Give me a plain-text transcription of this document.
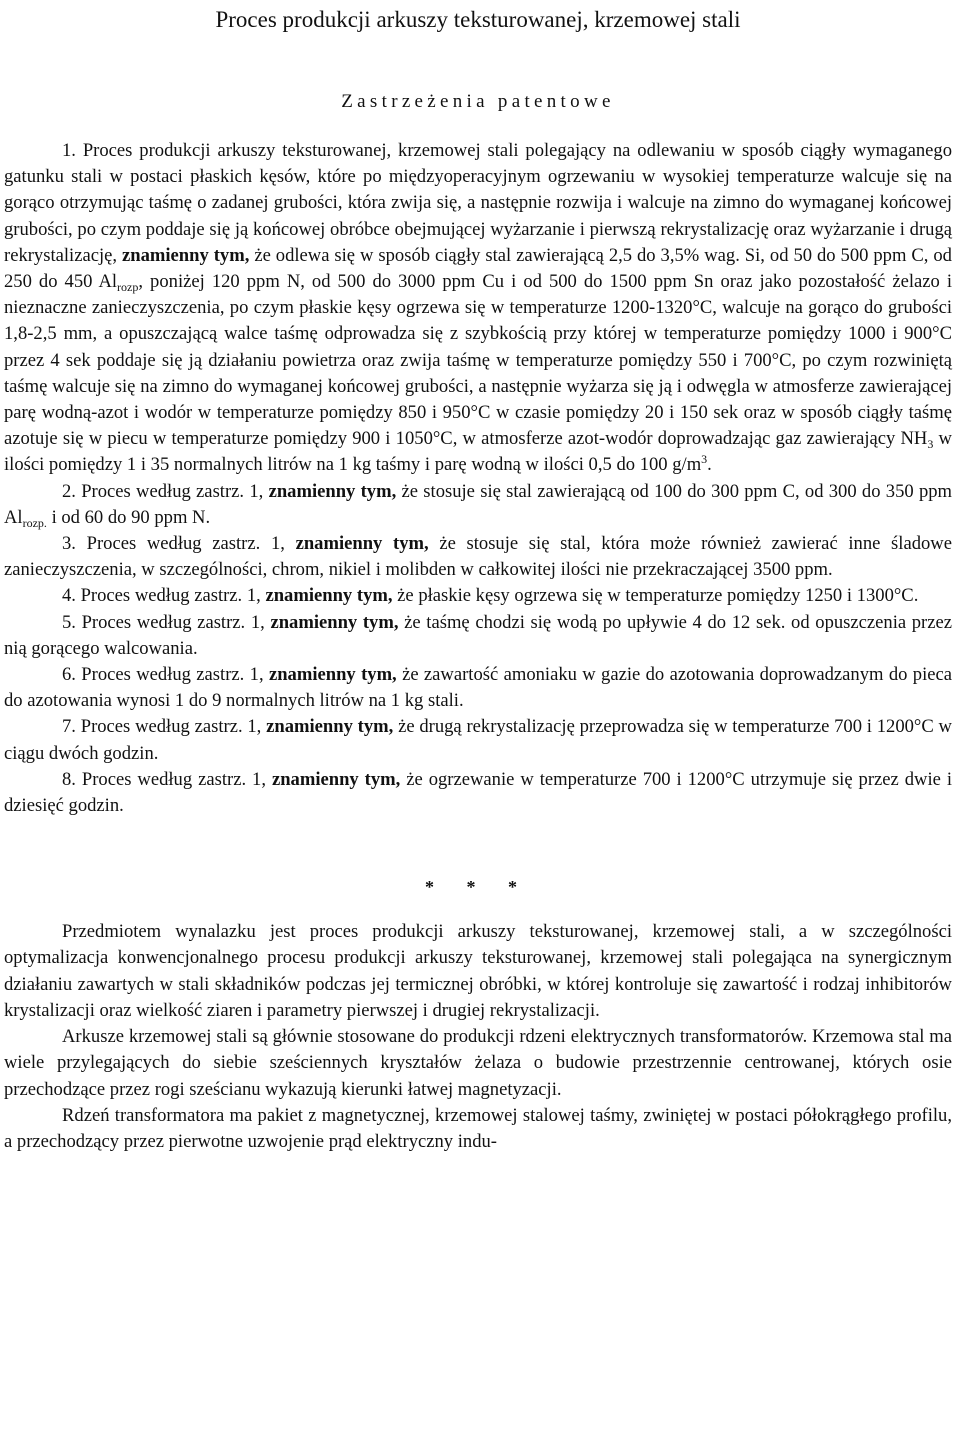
Proces produkcji arkuszy teksturowanej, krzemowej stali
Zastrzeżenia patentowe

1. Proces produkcji arkuszy teksturowanej, krzemowej stali polegający na odlewaniu w sposób ciągły wymaganego gatunku stali w postaci płaskich kęsów, które po międzyoperacyjnym ogrzewaniu w wysokiej temperaturze walcuje się na gorąco otrzymując taśmę o zadanej grubości, która zwija się, a następnie rozwija i walcuje na zimno do wymaganej końcowej grubości, po czym poddaje się ją końcowej obróbce obejmującej wyżarzanie i pierwszą rekrystalizację oraz wyżarzanie i drugą rekrystalizację, znamienny tym, że odlewa się w sposób ciągły stal zawierającą 2,5 do 3,5% wag. Si, od 50 do 500 ppm C, od 250 do 450 $Al_{rozp}$, poniżej 120 ppm N, od 500 do 3000 ppm Cu i od 500 do 1500 ppm Sn oraz jako pozostałość żelazo i nieznaczne zanieczyszczenia, po czym płaskie kęsy ogrzewa się w temperaturze 1200-1320°C, walcuje na gorąco do grubości 1,8-2,5 mm, a opuszczającą walce taśmę odprowadza się z szybkością przy której w temperaturze pomiędzy 1000 i 900°C przez 4 sek poddaje się ją działaniu powietrza oraz zwija taśmę w temperaturze pomiędzy 550 i 700°C, po czym rozwiniętą taśmę walcuje się na zimno do wymaganej końcowej grubości, a następnie wyżarza się ją i odwęgla w atmosferze zawierającej parę wodną-azot i wodór w temperaturze pomiędzy 850 i 950°C w czasie pomiędzy 20 i 150 sek oraz w sposób ciągły taśmę azotuje się w piecu w temperaturze pomiędzy 900 i 1050°C, w atmosferze azot-wodór doprowadzając gaz zawierający $NH_3$ w ilości pomiędzy 1 i 35 normalnych litrów na 1 kg taśmy i parę wodną w ilości 0,5 do 100 $g/m^3$.

2. Proces według zastrz. 1, znamienny tym, że stosuje się stal zawierającą od 100 do 300 ppm C, od 300 do 350 ppm $Al_{rozp.}$ i od 60 do 90 ppm N.

3. Proces według zastrz. 1, znamienny tym, że stosuje się stal, która może również zawierać inne śladowe zanieczyszczenia, w szczególności, chrom, nikiel i molibden w całkowitej ilości nie przekraczającej 3500 ppm.

4. Proces według zastrz. 1, znamienny tym, że płaskie kęsy ogrzewa się w temperaturze pomiędzy 1250 i 1300°C.

5. Proces według zastrz. 1, znamienny tym, że taśmę chodzi się wodą po upływie 4 do 12 sek. od opuszczenia przez nią gorącego walcowania.

6. Proces według zastrz. 1, znamienny tym, że zawartość amoniaku w gazie do azotowania doprowadzanym do pieca do azotowania wynosi 1 do 9 normalnych litrów na 1 kg stali.

7. Proces według zastrz. 1, znamienny tym, że drugą rekrystalizację przeprowadza się w temperaturze 700 i 1200°C w ciągu dwóch godzin.

8. Proces według zastrz. 1, znamienny tym, że ogrzewanie w temperaturze 700 i 1200°C utrzymuje się przez dwie i dziesięć godzin.

* * *

Przedmiotem wynalazku jest proces produkcji arkuszy teksturowanej, krzemowej stali, a w szczególności optymalizacja konwencjonalnego procesu produkcji arkuszy teksturowanej, krzemowej stali polegająca na synergicznym działaniu zawartych w stali składników podczas jej termicznej obróbki, w której kontroluje się zawartość i rodzaj inhibitorów krystalizacji oraz wielkość ziaren i parametry pierwszej i drugiej rekrystalizacji.

Arkusze krzemowej stali są głównie stosowane do produkcji rdzeni elektrycznych transformatorów. Krzemowa stal ma wiele przylegających do siebie sześciennych kryształów żelaza o budowie przestrzennie centrowanej, których osie przechodzące przez rogi sześcianu wykazują kierunki łatwej magnetyzacji.

Rdzeń transformatora ma pakiet z magnetycznej, krzemowej stalowej taśmy, zwiniętej w postaci półokrągłego profilu, a przechodzący przez pierwotne uzwojenie prąd elektryczny indu-
